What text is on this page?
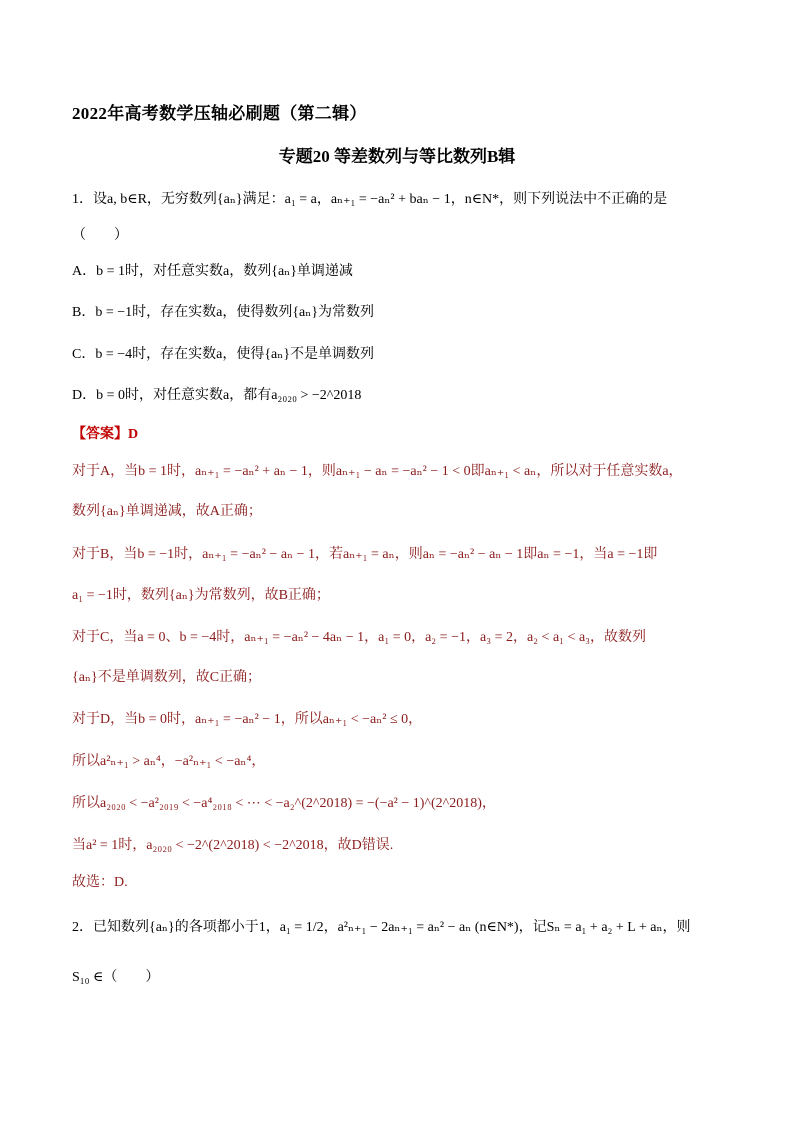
2022年高考数学压轴必刷题（第二辑）
专题20 等差数列与等比数列B辑
1．设a, b∈R，无穷数列{aₙ}满足：a₁ = a，aₙ₊₁ = −aₙ² + baₙ − 1，n∈N*，则下列说法中不正确的是
（　　）
A．b = 1时，对任意实数a，数列{aₙ}单调递减
B．b = −1时，存在实数a，使得数列{aₙ}为常数列
C．b = −4时，存在实数a，使得{aₙ}不是单调数列
D．b = 0时，对任意实数a，都有a₂₀₂₀ > −2^2018
【答案】D
对于A，当b = 1时，aₙ₊₁ = −aₙ² + aₙ − 1，则aₙ₊₁ − aₙ = −aₙ² − 1 < 0即aₙ₊₁ < aₙ，所以对于任意实数a，
数列{aₙ}单调递减，故A正确；
对于B，当b = −1时，aₙ₊₁ = −aₙ² − aₙ − 1，若aₙ₊₁ = aₙ，则aₙ = −aₙ² − aₙ − 1即aₙ = −1，当a = −1即
a₁ = −1时，数列{aₙ}为常数列，故B正确；
对于C，当a = 0、b = −4时，aₙ₊₁ = −aₙ² − 4aₙ − 1，a₁ = 0，a₂ = −1，a₃ = 2，a₂ < a₁ < a₃，故数列
{aₙ}不是单调数列，故C正确；
对于D，当b = 0时，aₙ₊₁ = −aₙ² − 1，所以aₙ₊₁ < −aₙ² ≤ 0，
所以a²ₙ₊₁ > aₙ⁴，−a²ₙ₊₁ < −aₙ⁴，
所以a₂₀₂₀ < −a²₂₀₁₉ < −a⁴₂₀₁₈ < ⋯ < −a₂^(2^2018) = −(−a² − 1)^(2^2018)，
当a² = 1时，a₂₀₂₀ < −2^(2^2018) < −2^2018，故D错误.
故选：D.
2．已知数列{aₙ}的各项都小于1，a₁ = 1/2，a²ₙ₊₁ − 2aₙ₊₁ = aₙ² − aₙ (n∈N*)，记Sₙ = a₁ + a₂ + L + aₙ，则
S₁₀ ∈（　　）
